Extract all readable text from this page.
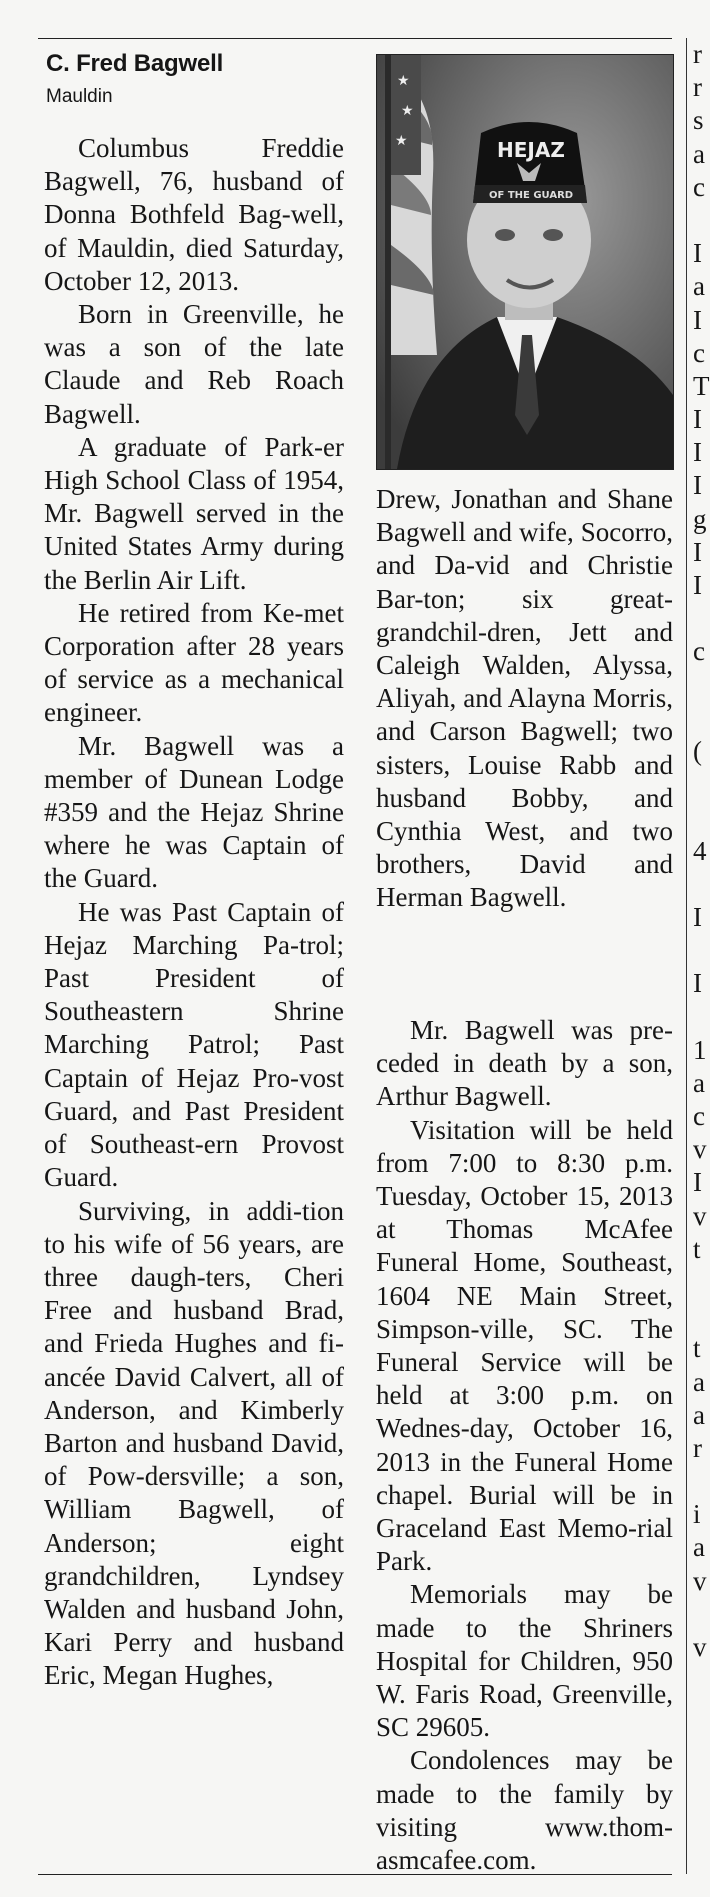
C. Fred Bagwell
Mauldin

Columbus Freddie Bagwell, 76, husband of Donna Bothfeld Bag-well, of Mauldin, died Saturday, October 12, 2013.

Born in Greenville, he was a son of the late Claude and Reb Roach Bagwell.

A graduate of Park-er High School Class of 1954, Mr. Bagwell served in the United States Army during the Berlin Air Lift.

He retired from Ke-met Corporation after 28 years of service as a mechanical engineer.

Mr. Bagwell was a member of Dunean Lodge #359 and the Hejaz Shrine where he was Captain of the Guard.

He was Past Captain of Hejaz Marching Pa-trol; Past President of Southeastern Shrine Marching Patrol; Past Captain of Hejaz Pro-vost Guard, and Past President of Southeast-ern Provost Guard.

Surviving, in addi-tion to his wife of 56 years, are three daugh-ters, Cheri Free and husband Brad, and Frieda Hughes and fi-ancée David Calvert, all of Anderson, and Kimberly Barton and husband David, of Pow-dersville; a son, William Bagwell, of Anderson; eight grandchildren, Lyndsey Walden and husband John, Kari Perry and husband Eric, Megan Hughes,

★
★
★	HEJAZ
OF THE GUARD

Drew, Jonathan and Shane Bagwell and wife, Socorro, and Da-vid and Christie Bar-ton; six great-grandchil-dren, Jett and Caleigh Walden, Alyssa, Aliyah, and Alayna Morris, and Carson Bagwell; two sisters, Louise Rabb and husband Bobby, and Cynthia West, and two brothers, David and Herman Bagwell.

Mr. Bagwell was pre-ceded in death by a son, Arthur Bagwell.

Visitation will be held from 7:00 to 8:30 p.m. Tuesday, October 15, 2013 at Thomas McAfee Funeral Home, Southeast, 1604 NE Main Street, Simpson-ville, SC. The Funeral Service will be held at 3:00 p.m. on Wednes-day, October 16, 2013 in the Funeral Home chapel. Burial will be in Graceland East Memo-rial Park.

Memorials may be made to the Shriners Hospital for Children, 950 W. Faris Road, Greenville, SC 29605.

Condolences may be made to the family by visiting www.thom-asmcafee.com.

r
r
s
a
c
I
a
I
c
T
I
I
I
g
I
I
c
(
4
I
I
1
a
c
v
I
v
t
t
a
a
r
i
a
v
v
